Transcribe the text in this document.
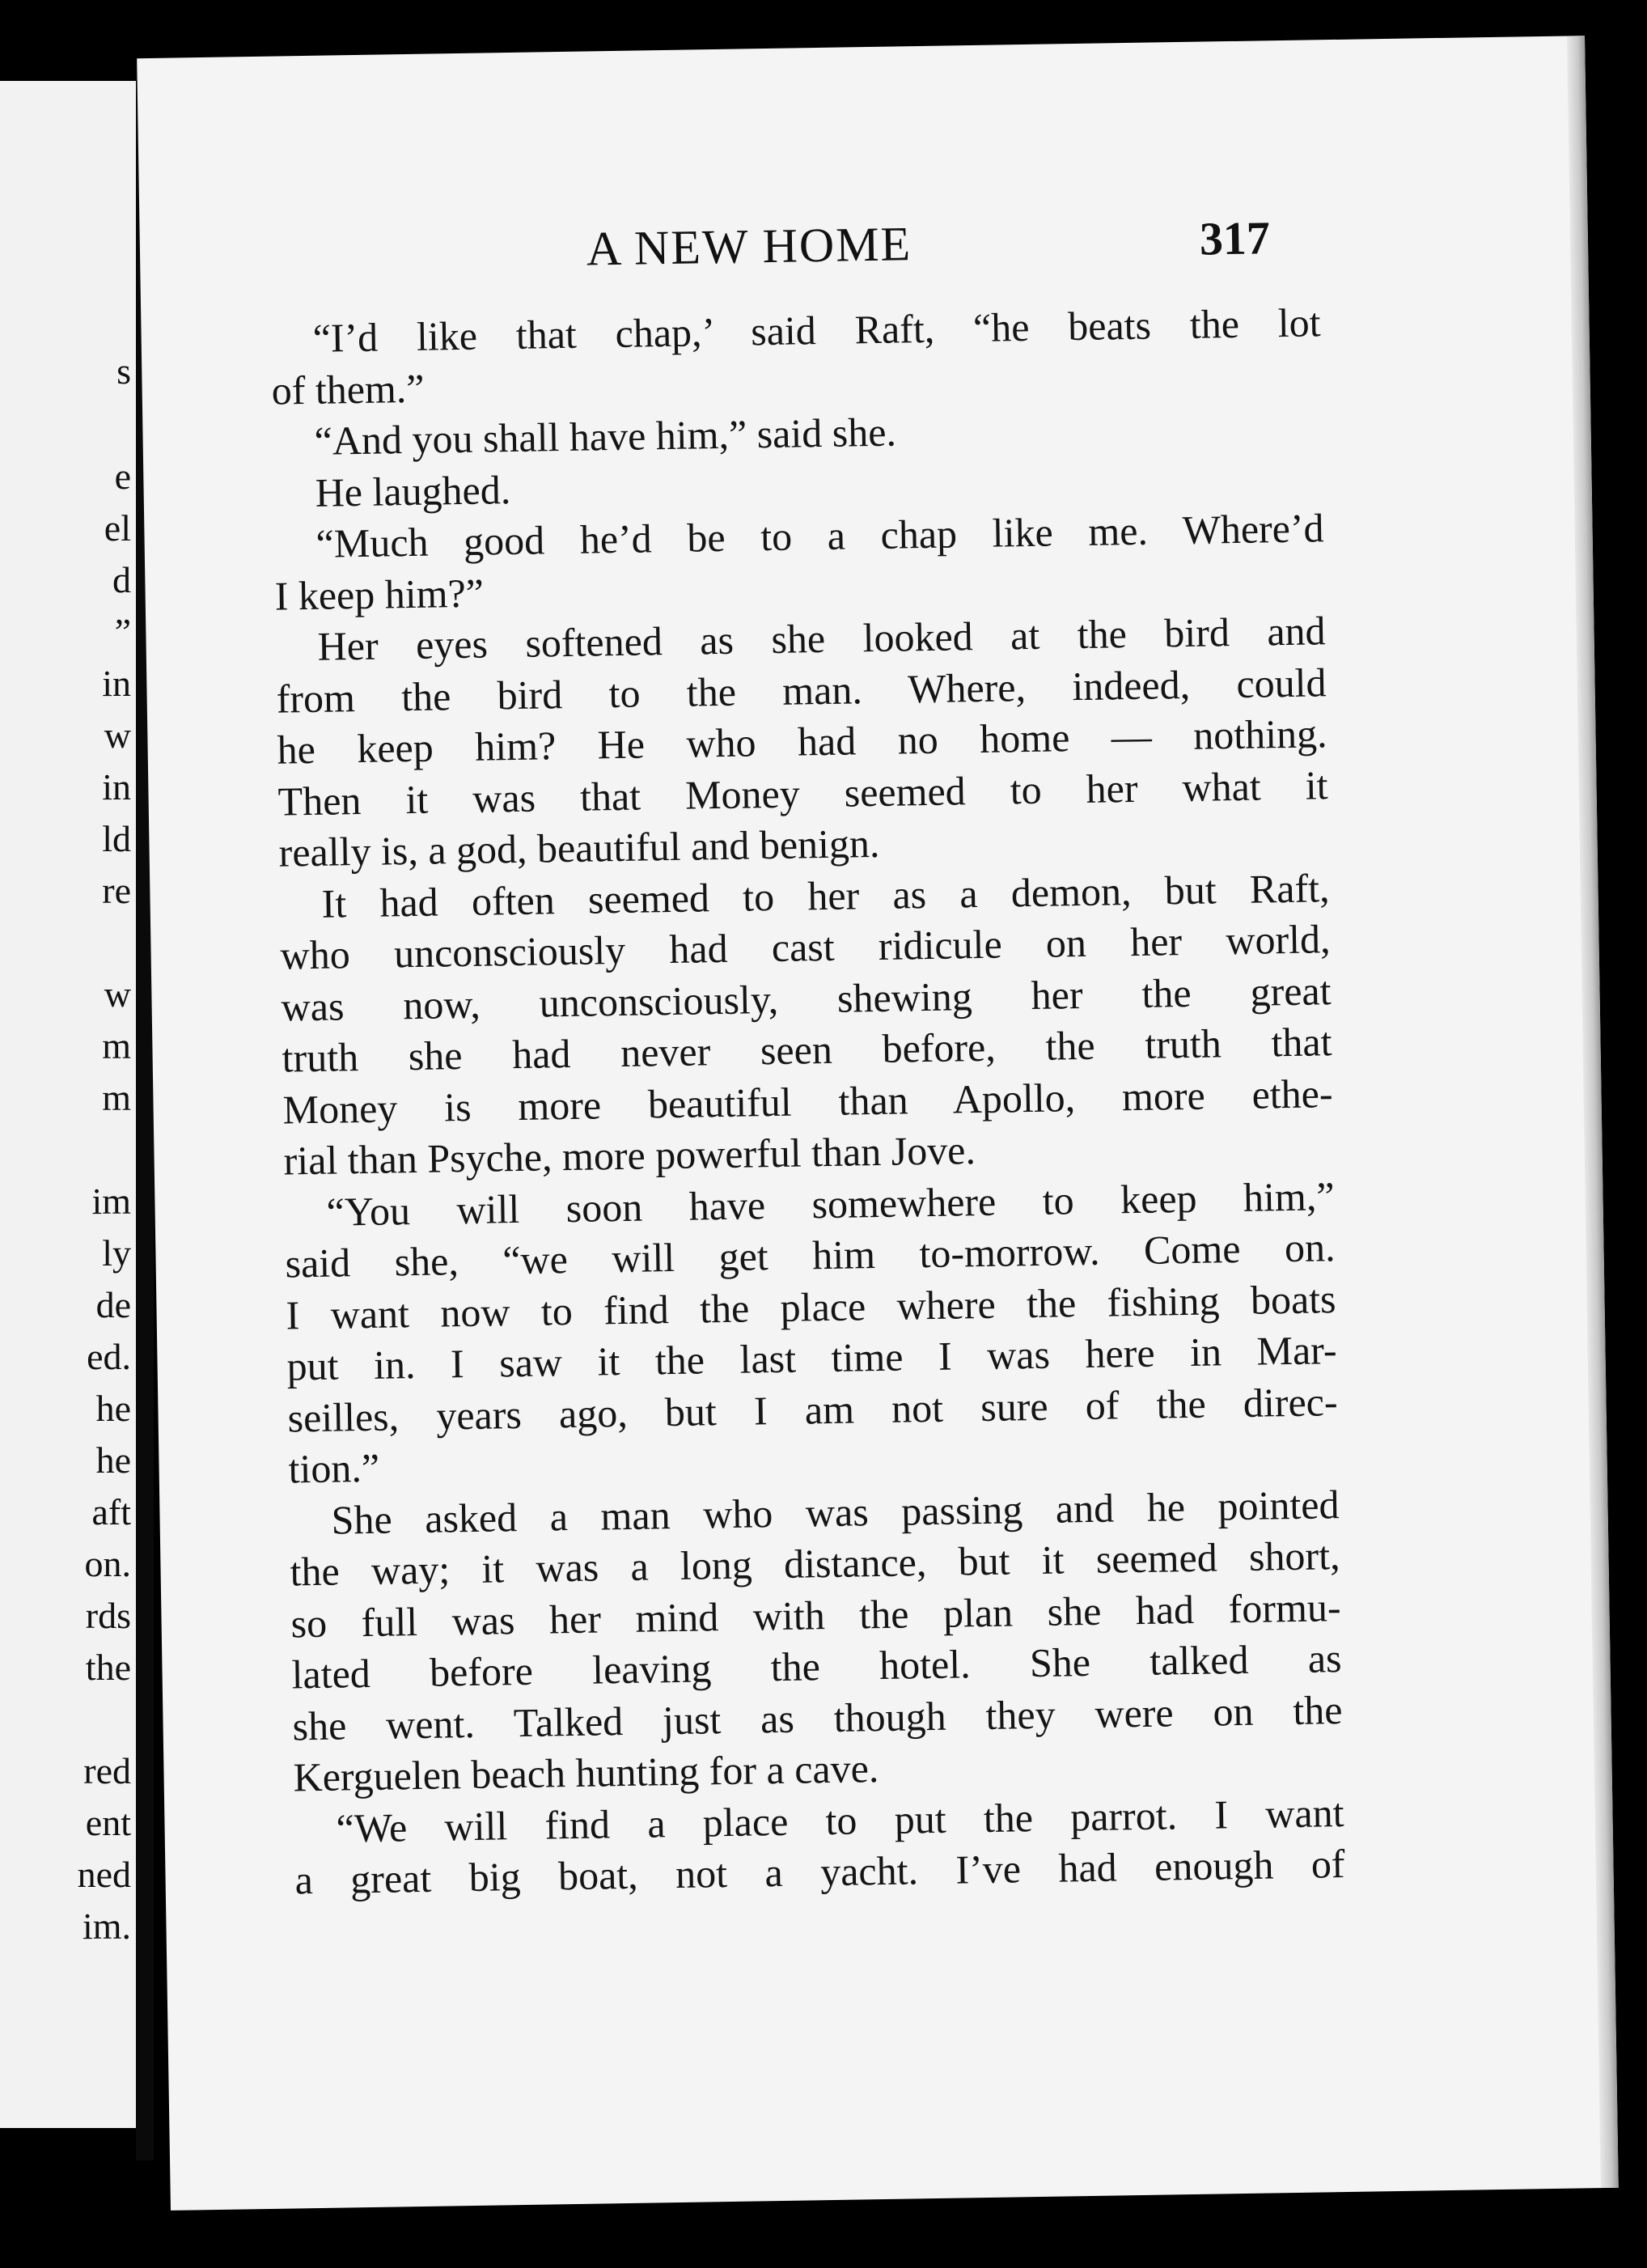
s
e
el
d
”
in
w
in
ld
re
w
m
m
im
ly
de
ed.
he
he
aft
on.
rds
the
red
ent
ned
im.
A NEW HOME	317
“I’d like that chap,’ said Raft, “he beats the lot
of them.”
“And you shall have him,” said she.
He laughed.
“Much good he’d be to a chap like me. Where’d
I keep him?”
Her eyes softened as she looked at the bird and
from the bird to the man. Where, indeed, could
he keep him? He who had no home — nothing.
Then it was that Money seemed to her what it
really is, a god, beautiful and benign.
It had often seemed to her as a demon, but Raft,
who unconsciously had cast ridicule on her world,
was now, unconsciously, shewing her the great
truth she had never seen before, the truth that
Money is more beautiful than Apollo, more ethe-
rial than Psyche, more powerful than Jove.
“You will soon have somewhere to keep him,”
said she, “we will get him to-morrow. Come on.
I want now to find the place where the fishing boats
put in. I saw it the last time I was here in Mar-
seilles, years ago, but I am not sure of the direc-
tion.”
She asked a man who was passing and he pointed
the way; it was a long distance, but it seemed short,
so full was her mind with the plan she had formu-
lated before leaving the hotel. She talked as
she went. Talked just as though they were on the
Kerguelen beach hunting for a cave.
“We will find a place to put the parrot. I want
a great big boat, not a yacht. I’ve had enough of
